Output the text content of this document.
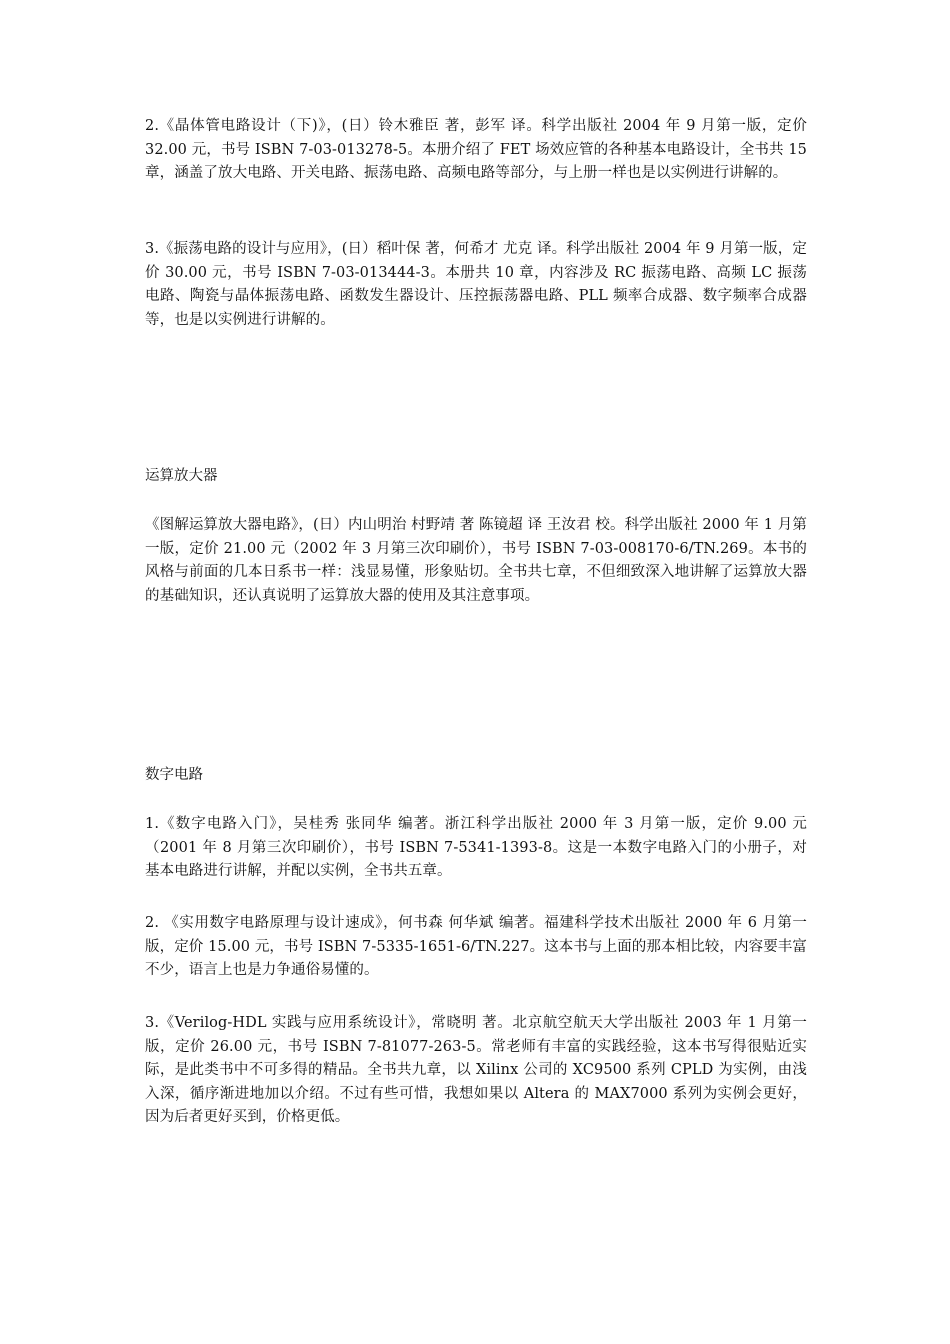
2.《晶体管电路设计（下)》，(日）铃木雅臣 著，彭军 译。科学出版社 2004 年 9 月第一版，定价 32.00 元，书号 ISBN 7-03-013278-5。本册介绍了 FET 场效应管的各种基本电路设计，全书共 15 章，涵盖了放大电路、开关电路、振荡电路、高频电路等部分，与上册一样也是以实例进行讲解的。

3.《振荡电路的设计与应用》，(日）稻叶保 著，何希才 尤克 译。科学出版社 2004 年 9 月第一版，定价 30.00 元，书号 ISBN 7-03-013444-3。本册共 10 章，内容涉及 RC 振荡电路、高频 LC 振荡电路、陶瓷与晶体振荡电路、函数发生器设计、压控振荡器电路、PLL 频率合成器、数字频率合成器等，也是以实例进行讲解的。

运算放大器

《图解运算放大器电路》，(日）内山明治 村野靖 著 陈镜超 译 王汝君 校。科学出版社 2000 年 1 月第一版，定价 21.00 元（2002 年 3 月第三次印刷价），书号 ISBN 7-03-008170-6/TN.269。本书的风格与前面的几本日系书一样：浅显易懂，形象贴切。全书共七章，不但细致深入地讲解了运算放大器的基础知识，还认真说明了运算放大器的使用及其注意事项。

数字电路

1.《数字电路入门》，吴桂秀 张同华 编著。浙江科学出版社 2000 年 3 月第一版，定价 9.00 元（2001 年 8 月第三次印刷价），书号 ISBN 7-5341-1393-8。这是一本数字电路入门的小册子，对基本电路进行讲解，并配以实例，全书共五章。

2. 《实用数字电路原理与设计速成》，何书森 何华斌 编著。福建科学技术出版社 2000 年 6 月第一版，定价 15.00 元，书号 ISBN 7-5335-1651-6/TN.227。这本书与上面的那本相比较，内容要丰富不少，语言上也是力争通俗易懂的。

3.《Verilog-HDL 实践与应用系统设计》，常晓明 著。北京航空航天大学出版社 2003 年 1 月第一版，定价 26.00 元，书号 ISBN 7-81077-263-5。常老师有丰富的实践经验，这本书写得很贴近实际，是此类书中不可多得的精品。全书共九章，以 Xilinx 公司的 XC9500 系列 CPLD 为实例，由浅入深，循序渐进地加以介绍。不过有些可惜，我想如果以 Altera 的 MAX7000 系列为实例会更好，因为后者更好买到，价格更低。
